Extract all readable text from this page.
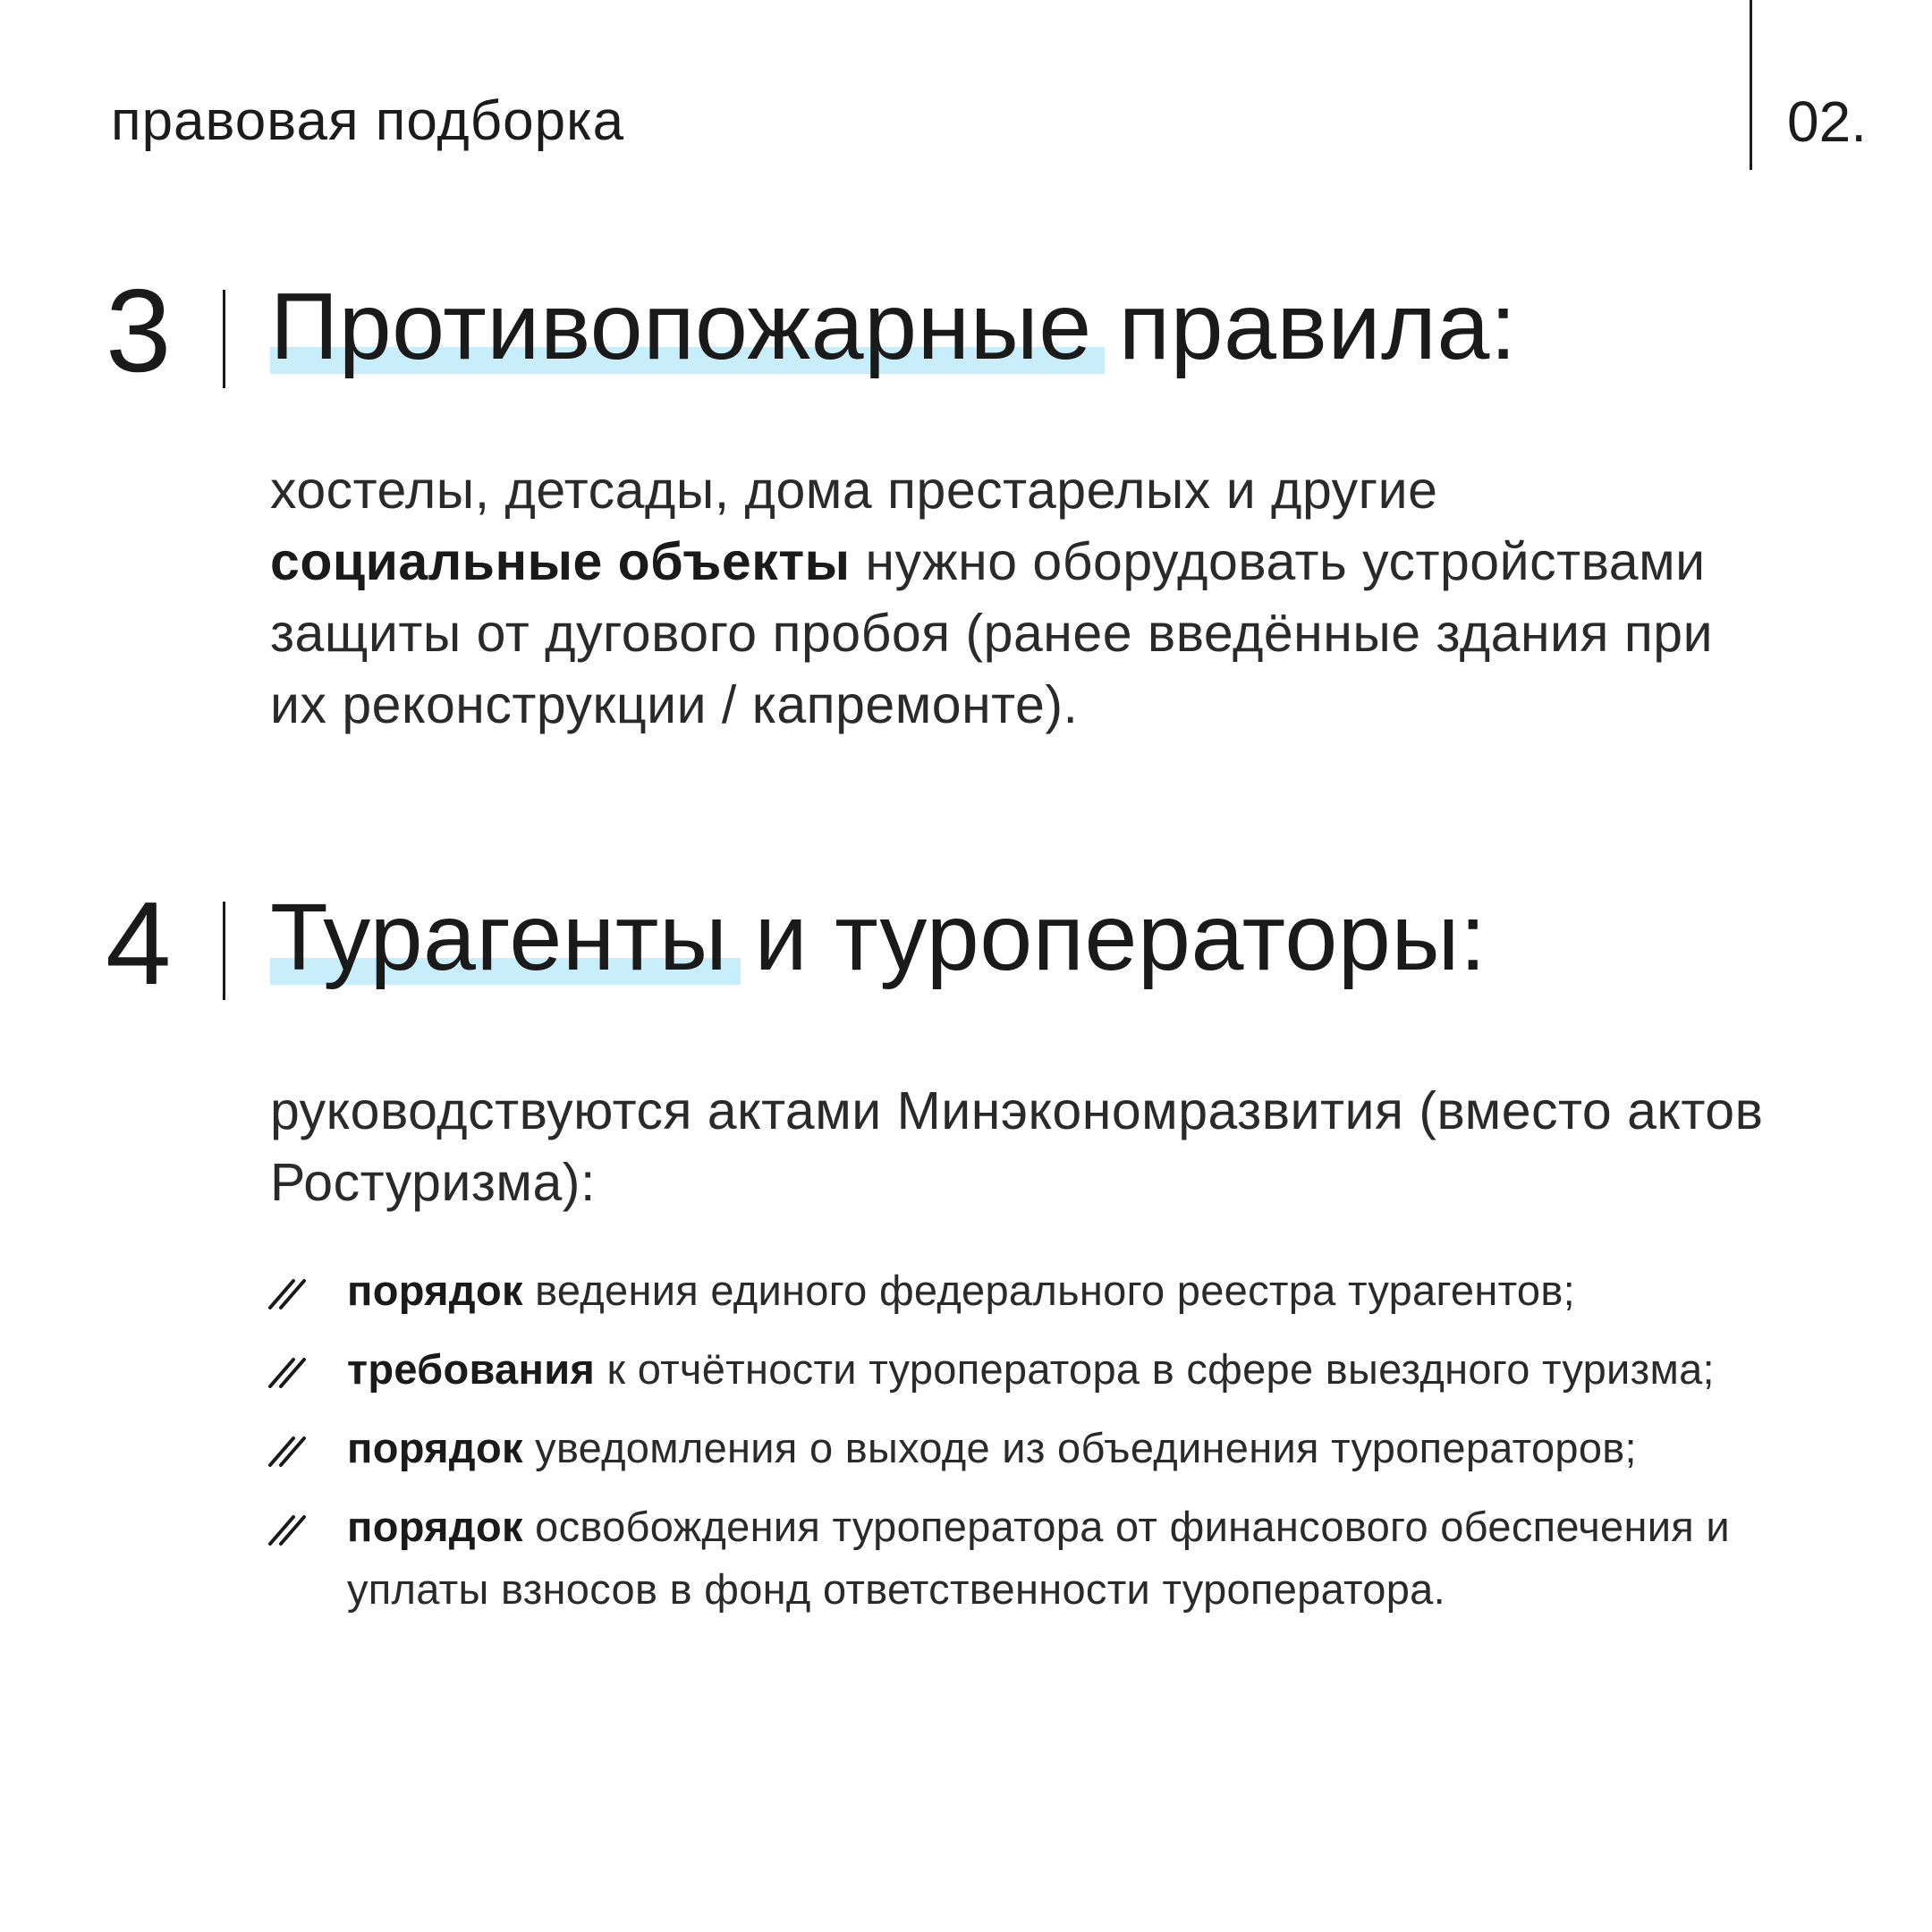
правовая подборка	02.
3 Противопожарные правила:
хостелы, детсады, дома престарелых и другие
социальные объекты нужно оборудовать устройствами защиты от дугового пробоя (ранее введённые здания при их реконструкции / капремонте).
4 Турагенты и туроператоры:
руководствуются актами Минэкономразвития (вместо актов Ростуризма):
порядок ведения единого федерального реестра турагентов;
требования к отчётности туроператора в сфере выездного туризма;
порядок уведомления о выходе из объединения туроператоров;
порядок освобождения туроператора от финансового обеспечения и уплаты взносов в фонд ответственности туроператора.
